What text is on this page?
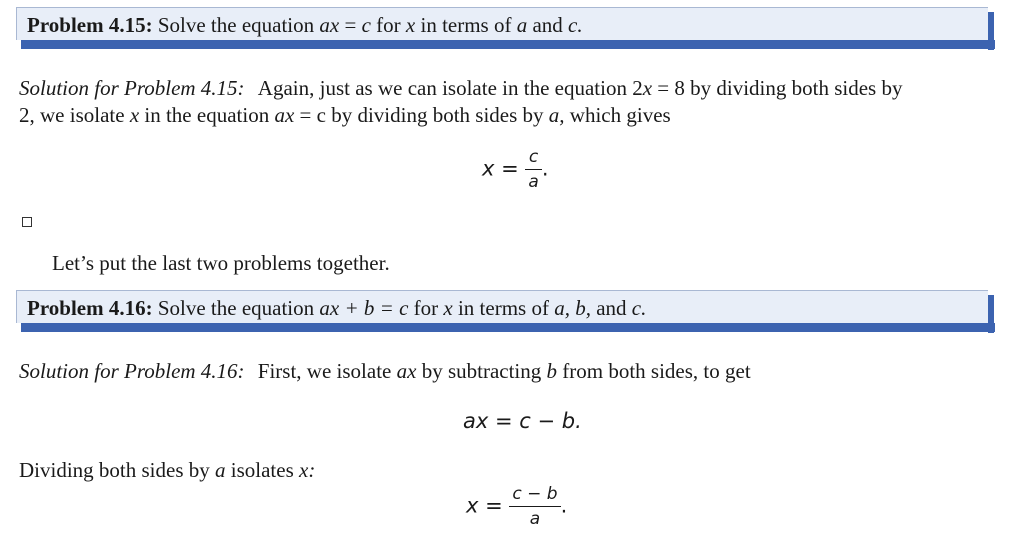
Problem 4.15: Solve the equation ax = c for x in terms of a and c.
Solution for Problem 4.15: Again, just as we can isolate in the equation 2x = 8 by dividing both sides by
2, we isolate x in the equation ax = c by dividing both sides by a, which gives
$x = \frac{c}{a}$ .
Let’s put the last two problems together.
Problem 4.16: Solve the equation ax + b = c for x in terms of a, b, and c.
Solution for Problem 4.16: First, we isolate ax by subtracting b from both sides, to get
ax = c − b.
Dividing both sides by a isolates x:
$x = \frac{c - b}{a}$ .
